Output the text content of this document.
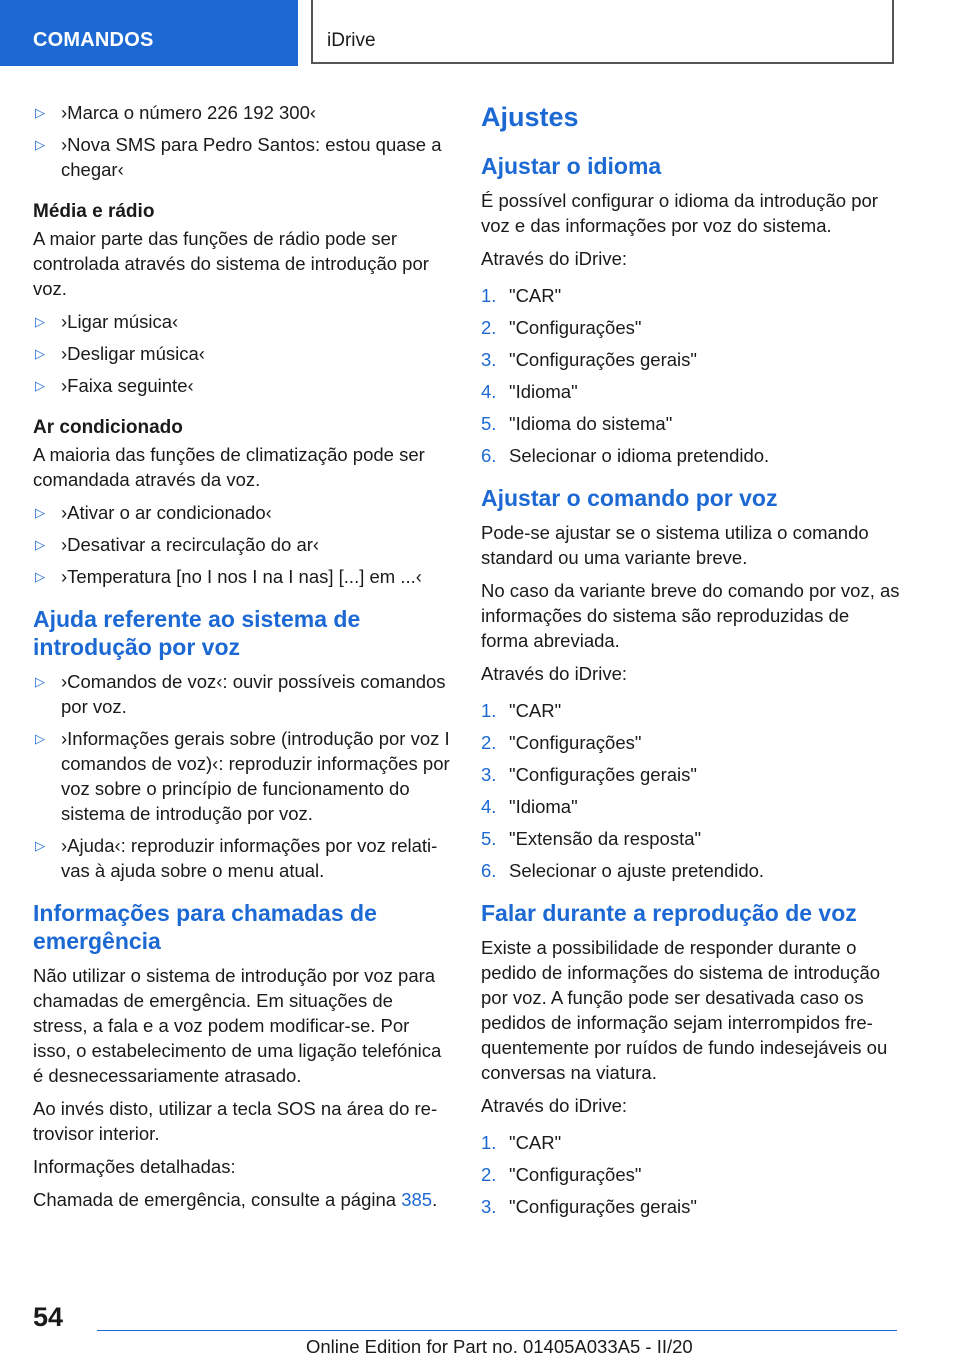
COMANDOS	iDrive
▷ ›Marca o número 226 192 300‹
▷ ›Nova SMS para Pedro Santos: estou quase a chegar‹
Média e rádio
A maior parte das funções de rádio pode ser controlada através do sistema de introdução por voz.
▷ ›Ligar música‹
▷ ›Desligar música‹
▷ ›Faixa seguinte‹
Ar condicionado
A maioria das funções de climatização pode ser comandada através da voz.
▷ ›Ativar o ar condicionado‹
▷ ›Desativar a recirculação do ar‹
▷ ›Temperatura [no I nos I na I nas] [...] em ...‹
Ajuda referente ao sistema de introdução por voz
▷ ›Comandos de voz‹: ouvir possíveis comandos por voz.
▷ ›Informações gerais sobre (introdução por voz I comandos de voz)‹: reproduzir informações por voz sobre o princípio de funcionamento do sistema de introdução por voz.
▷ ›Ajuda‹: reproduzir informações por voz relativas à ajuda sobre o menu atual.
Informações para chamadas de emergência
Não utilizar o sistema de introdução por voz para chamadas de emergência. Em situações de stress, a fala e a voz podem modificar-se. Por isso, o estabelecimento de uma ligação telefónica é desnecessariamente atrasado.
Ao invés disto, utilizar a tecla SOS na área do retrovisor interior.
Informações detalhadas:
Chamada de emergência, consulte a página 385.
Ajustes
Ajustar o idioma
É possível configurar o idioma da introdução por voz e das informações por voz do sistema.
Através do iDrive:
1. "CAR"
2. "Configurações"
3. "Configurações gerais"
4. "Idioma"
5. "Idioma do sistema"
6. Selecionar o idioma pretendido.
Ajustar o comando por voz
Pode-se ajustar se o sistema utiliza o comando standard ou uma variante breve.
No caso da variante breve do comando por voz, as informações do sistema são reproduzidas de forma abreviada.
Através do iDrive:
1. "CAR"
2. "Configurações"
3. "Configurações gerais"
4. "Idioma"
5. "Extensão da resposta"
6. Selecionar o ajuste pretendido.
Falar durante a reprodução de voz
Existe a possibilidade de responder durante o pedido de informações do sistema de introdução por voz. A função pode ser desativada caso os pedidos de informação sejam interrompidos frequentemente por ruídos de fundo indesejáveis ou conversas na viatura.
Através do iDrive:
1. "CAR"
2. "Configurações"
3. "Configurações gerais"
54
Online Edition for Part no. 01405A033A5 - II/20
